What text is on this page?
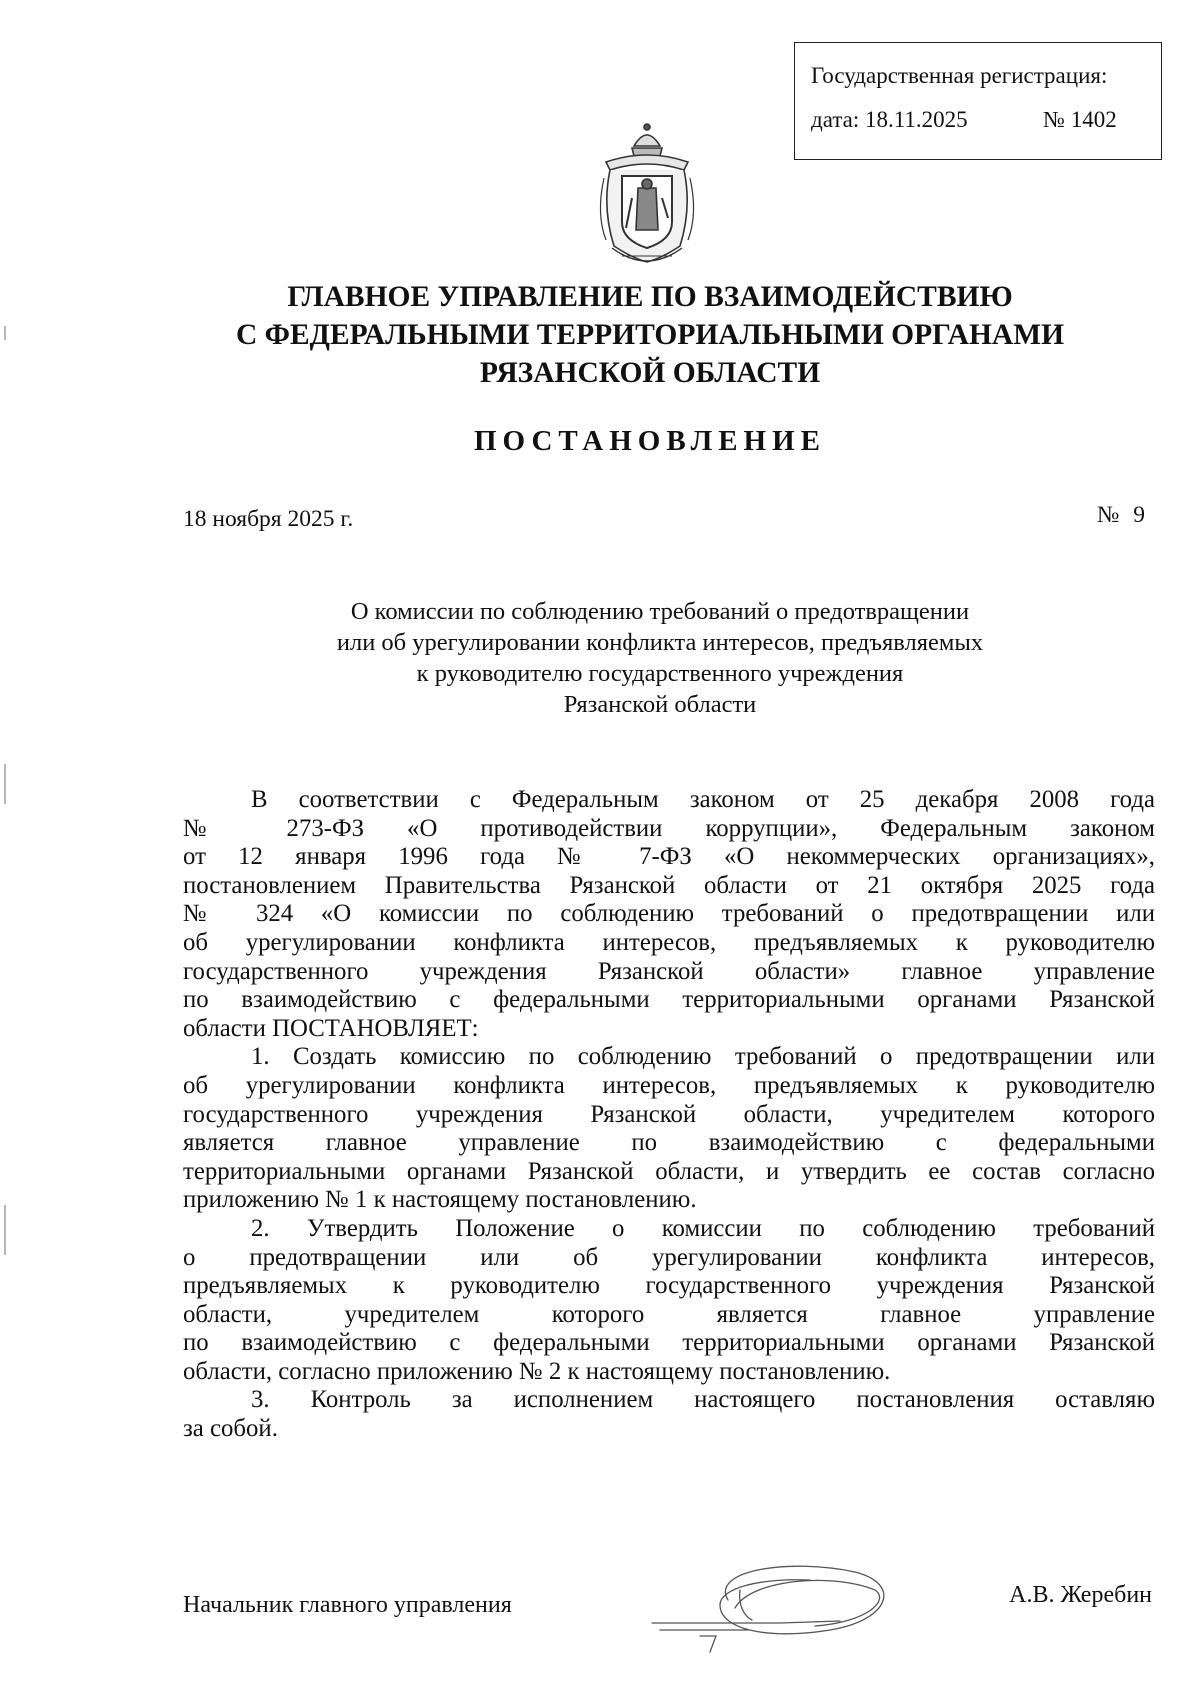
Государственная регистрация:
дата: 18.11.2025	№ 1402
ГЛАВНОЕ УПРАВЛЕНИЕ ПО ВЗАИМОДЕЙСТВИЮ
С ФЕДЕРАЛЬНЫМИ ТЕРРИТОРИАЛЬНЫМИ ОРГАНАМИ
РЯЗАНСКОЙ ОБЛАСТИ
ПОСТАНОВЛЕНИЕ
18 ноября 2025 г.	№ 9
О комиссии по соблюдению требований о предотвращении
или об урегулировании конфликта интересов, предъявляемых
к руководителю государственного учреждения
Рязанской области

В соответствии с Федеральным законом от 25 декабря 2008 года
№ 273-ФЗ «О противодействии коррупции», Федеральным законом
от 12 января 1996 года № 7-ФЗ «О некоммерческих организациях»,
постановлением Правительства Рязанской области от 21 октября 2025 года
№ 324 «О комиссии по соблюдению требований о предотвращении или
об урегулировании конфликта интересов, предъявляемых к руководителю
государственного учреждения Рязанской области» главное управление
по взаимодействию с федеральными территориальными органами Рязанской
области ПОСТАНОВЛЯЕТ:

1. Создать комиссию по соблюдению требований о предотвращении или
об урегулировании конфликта интересов, предъявляемых к руководителю
государственного учреждения Рязанской области, учредителем которого
является главное управление по взаимодействию с федеральными
территориальными органами Рязанской области, и утвердить ее состав согласно
приложению № 1 к настоящему постановлению.

2. Утвердить Положение о комиссии по соблюдению требований
о предотвращении или об урегулировании конфликта интересов,
предъявляемых к руководителю государственного учреждения Рязанской
области, учредителем которого является главное управление
по взаимодействию с федеральными территориальными органами Рязанской
области, согласно приложению № 2 к настоящему постановлению.

3. Контроль за исполнением настоящего постановления оставляю
за собой.

Начальник главного управления	А.В. Жеребин
